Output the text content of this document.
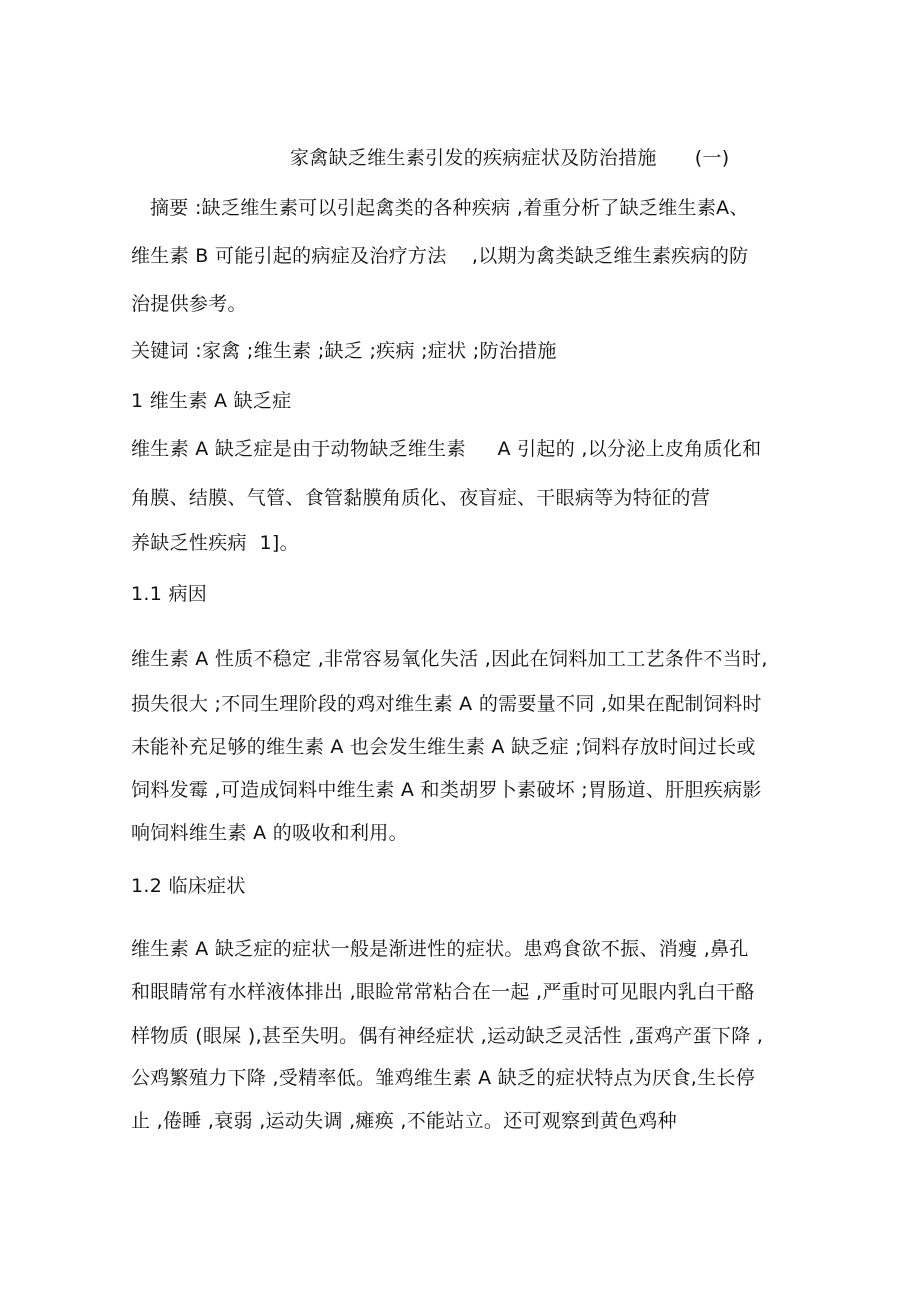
家禽缺乏维生素引发的疾病症状及防治措施      (一)
摘要 :缺乏维生素可以引起禽类的各种疾病 ,着重分析了缺乏维生素A、
维生素 B 可能引起的病症及治疗方法    ,以期为禽类缺乏维生素疾病的防
治提供参考。
关键词 :家禽 ;维生素 ;缺乏 ;疾病 ;症状 ;防治措施
1 维生素 A 缺乏症
维生素 A 缺乏症是由于动物缺乏维生素     A 引起的 ,以分泌上皮角质化和
角膜、结膜、气管、食管黏膜角质化、夜盲症、干眼病等为特征的营
养缺乏性疾病  1]。
1.1 病因
维生素 A 性质不稳定 ,非常容易氧化失活 ,因此在饲料加工工艺条件不当时,
损失很大 ;不同生理阶段的鸡对维生素 A 的需要量不同 ,如果在配制饲料时
未能补充足够的维生素 A 也会发生维生素 A 缺乏症 ;饲料存放时间过长或
饲料发霉 ,可造成饲料中维生素 A 和类胡罗卜素破坏 ;胃肠道、肝胆疾病影
响饲料维生素 A 的吸收和利用。
1.2 临床症状
维生素 A 缺乏症的症状一般是渐进性的症状。患鸡食欲不振、消瘦 ,鼻孔
和眼睛常有水样液体排出 ,眼睑常常粘合在一起 ,严重时可见眼内乳白干酪
样物质 (眼屎 ),甚至失明。偶有神经症状 ,运动缺乏灵活性 ,蛋鸡产蛋下降 ,
公鸡繁殖力下降 ,受精率低。雏鸡维生素 A 缺乏的症状特点为厌食,生长停
止 ,倦睡 ,衰弱 ,运动失调 ,瘫痪 ,不能站立。还可观察到黄色鸡种
